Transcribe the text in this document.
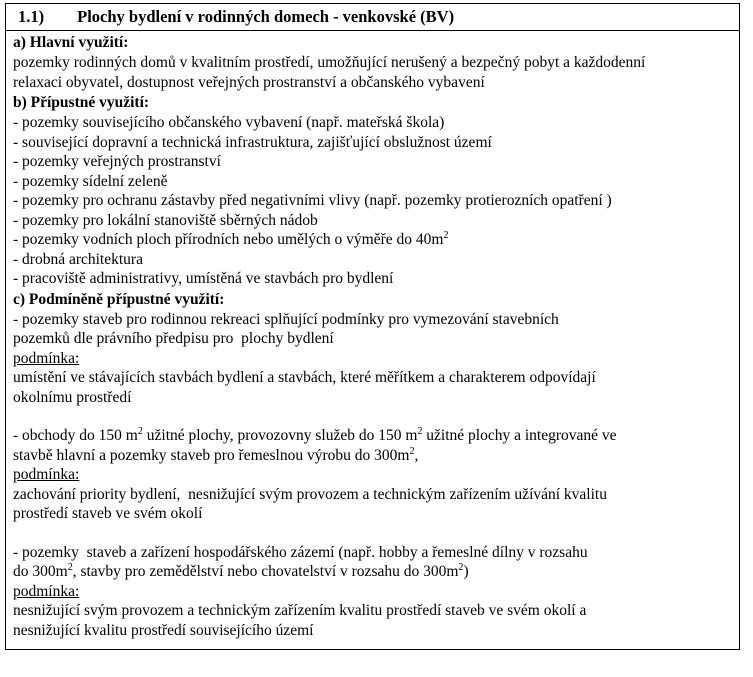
1.1)        Plochy bydlení v rodinných domech - venkovské (BV)
a) Hlavní využití:
pozemky rodinných domů v kvalitním prostředí, umožňující nerušený a bezpečný pobyt a každodenní
relaxaci obyvatel, dostupnost veřejných prostranství a občanského vybavení
b) Přípustné využití:
- pozemky souvisejícího občanského vybavení (např. mateřská škola)
- související dopravní a technická infrastruktura, zajišťující obslužnost území
- pozemky veřejných prostranství
- pozemky sídelní zeleně
- pozemky pro ochranu zástavby před negativními vlivy (např. pozemky protierozních opatření )
- pozemky pro lokální stanoviště sběrných nádob
- pozemky vodních ploch přírodních nebo umělých o výměře do $40m^2$
- drobná architektura
- pracoviště administrativy, umístěná ve stavbách pro bydlení
c) Podmíněně přípustné využití:
- pozemky staveb pro rodinnou rekreaci splňující podmínky pro vymezování stavebních
pozemků dle právního předpisu pro  plochy bydlení
podmínka:
umístění ve stávajících stavbách bydlení a stavbách, které měřítkem a charakterem odpovídají
okolnímu prostředí
- obchody do 150 $m^2$ užitné plochy, provozovny služeb do 150 $m^2$ užitné plochy a integrované ve
stavbě hlavní a pozemky staveb pro řemeslnou výrobu do $300m^2$,
podmínka:
zachování priority bydlení,  nesnižující svým provozem a technickým zařízením užívání kvalitu
prostředí staveb ve svém okolí
- pozemky  staveb a zařízení hospodářského zázemí (např. hobby a řemeslné dílny v rozsahu
do $300m^2$, stavby pro zemědělství nebo chovatelství v rozsahu do $300m^2$)
podmínka:
nesnižující svým provozem a technickým zařízením kvalitu prostředí staveb ve svém okolí a
nesnižující kvalitu prostředí souvisejícího území
